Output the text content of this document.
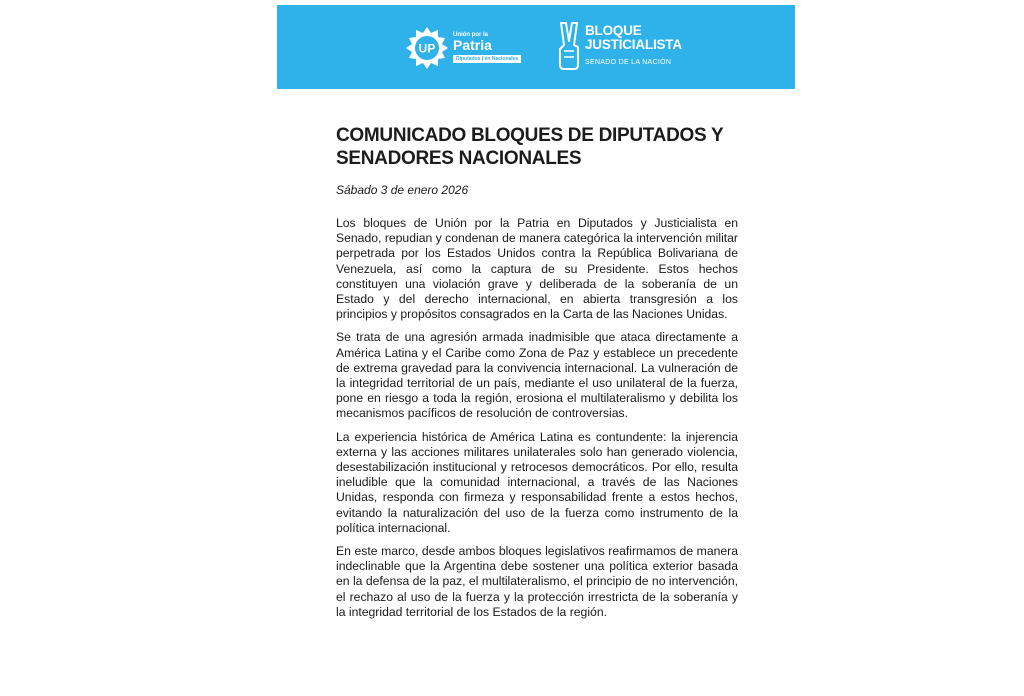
UP
Unión por la
Patria
Diputados | en Nacionales
BLOQUE
JUSTICIALISTA
SENADO DE LA NACIÓN
COMUNICADO BLOQUES DE DIPUTADOS Y SENADORES NACIONALES

Sábado 3 de enero 2026

Los bloques de Unión por la Patria en Diputados y Justicialista en Senado, repudian y condenan de manera categórica la intervención militar perpetrada por los Estados Unidos contra la República Bolivariana de Venezuela, así como la captura de su Presidente. Estos hechos constituyen una violación grave y deliberada de la soberanía de un Estado y del derecho internacional, en abierta transgresión a los principios y propósitos consagrados en la Carta de las Naciones Unidas.

Se trata de una agresión armada inadmisible que ataca directamente a América Latina y el Caribe como Zona de Paz y establece un precedente de extrema gravedad para la convivencia internacional. La vulneración de la integridad territorial de un país, mediante el uso unilateral de la fuerza, pone en riesgo a toda la región, erosiona el multilateralismo y debilita los mecanismos pacíficos de resolución de controversias.

La experiencia histórica de América Latina es contundente: la injerencia externa y las acciones militares unilaterales solo han generado violencia, desestabilización institucional y retrocesos democráticos. Por ello, resulta ineludible que la comunidad internacional, a través de las Naciones Unidas, responda con firmeza y responsabilidad frente a estos hechos, evitando la naturalización del uso de la fuerza como instrumento de la política internacional.

En este marco, desde ambos bloques legislativos reafirmamos de manera indeclinable que la Argentina debe sostener una política exterior basada en la defensa de la paz, el multilateralismo, el principio de no intervención, el rechazo al uso de la fuerza y la protección irrestricta de la soberanía y la integridad territorial de los Estados de la región.
